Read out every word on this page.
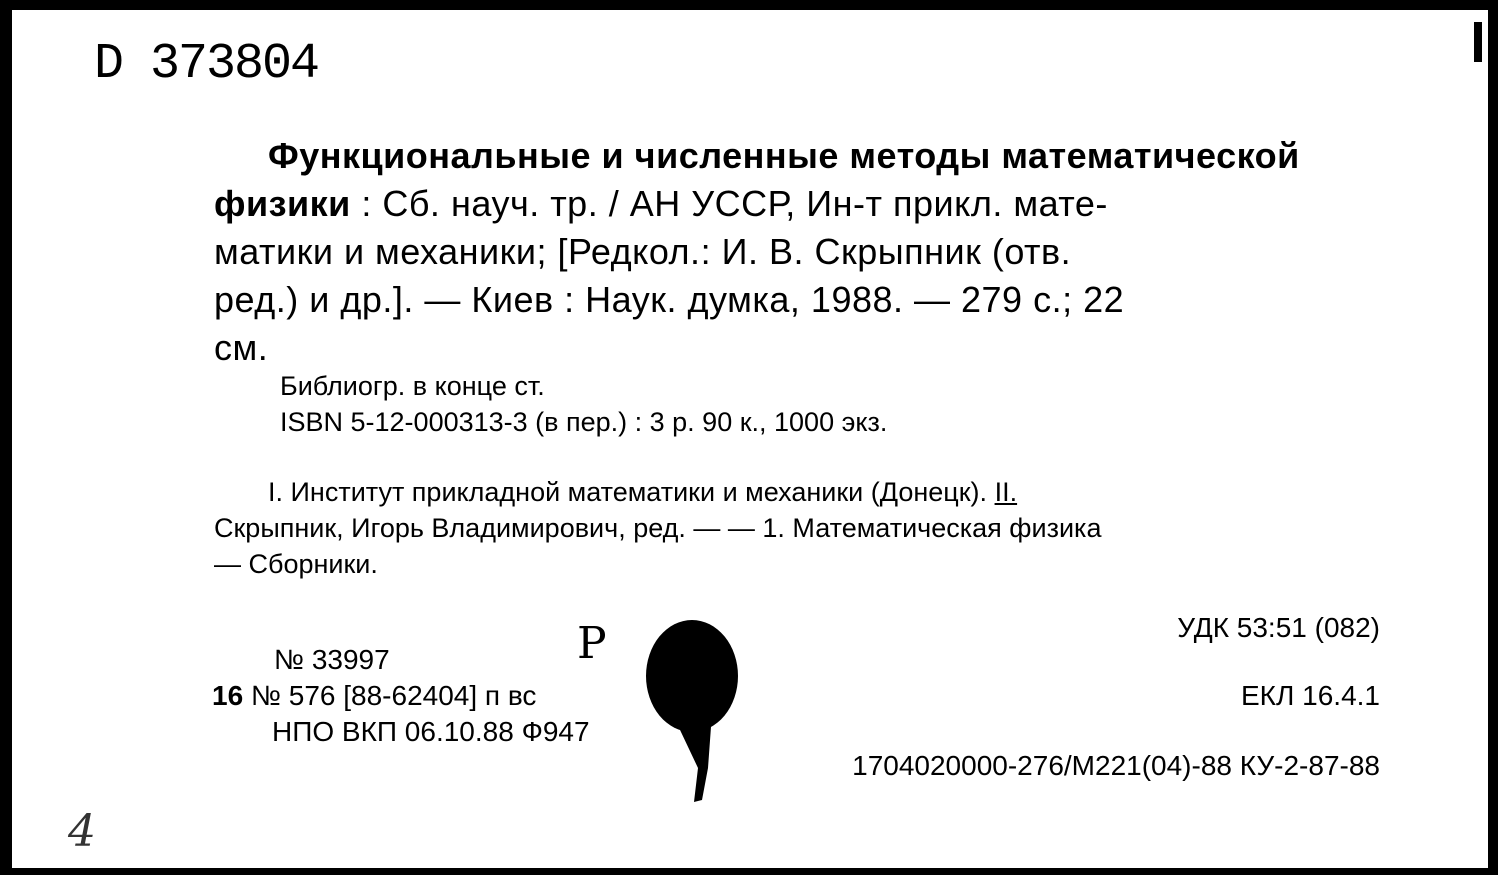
D 373804
Функциональные и численные методы математической
физики : Сб. науч. тр. / АН УССР, Ин-т прикл. мате-
матики и механики; [Редкол.: И. В. Скрыпник (отв.
ред.) и др.]. — Киев : Наук. думка, 1988. — 279 с.; 22
см.

Библиогр. в конце ст.

ISBN 5-12-000313-3 (в пер.) : 3 р. 90 к., 1000 экз.

I. Институт прикладной математики и механики (Донецк). II.

Скрыпник, Игорь Владимирович, ред. — — 1. Математическая физика
— Сборники.
УДК 53:51 (082)
ЕКЛ 16.4.1
№ 33997
16 № 576 [88-62404] п вс
НПО ВКП 06.10.88 Ф947
P
1704020000-276/М221(04)-88 КУ-2-87-88
4
